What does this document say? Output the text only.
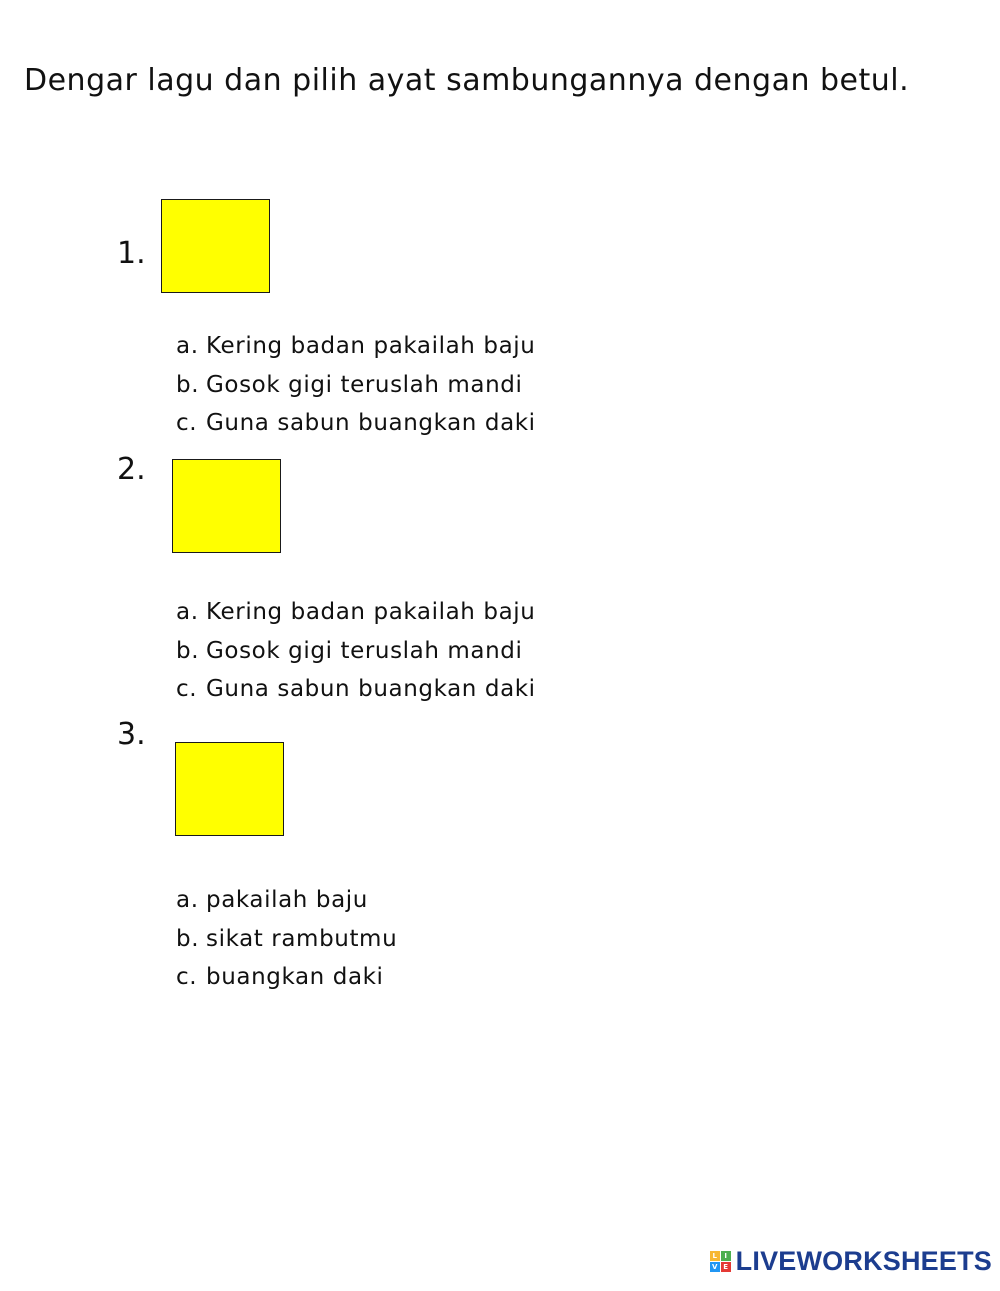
Dengar lagu dan pilih ayat sambungannya dengan betul.

1.
a. Kering badan pakailah baju
b. Gosok gigi teruslah mandi
c. Guna sabun buangkan daki
2.
a. Kering badan pakailah baju
b. Gosok gigi teruslah mandi
c. Guna sabun buangkan daki
3.
a. pakailah baju
b. sikat rambutmu
c. buangkan daki
L	I
V E LIVEWORKSHEETS
